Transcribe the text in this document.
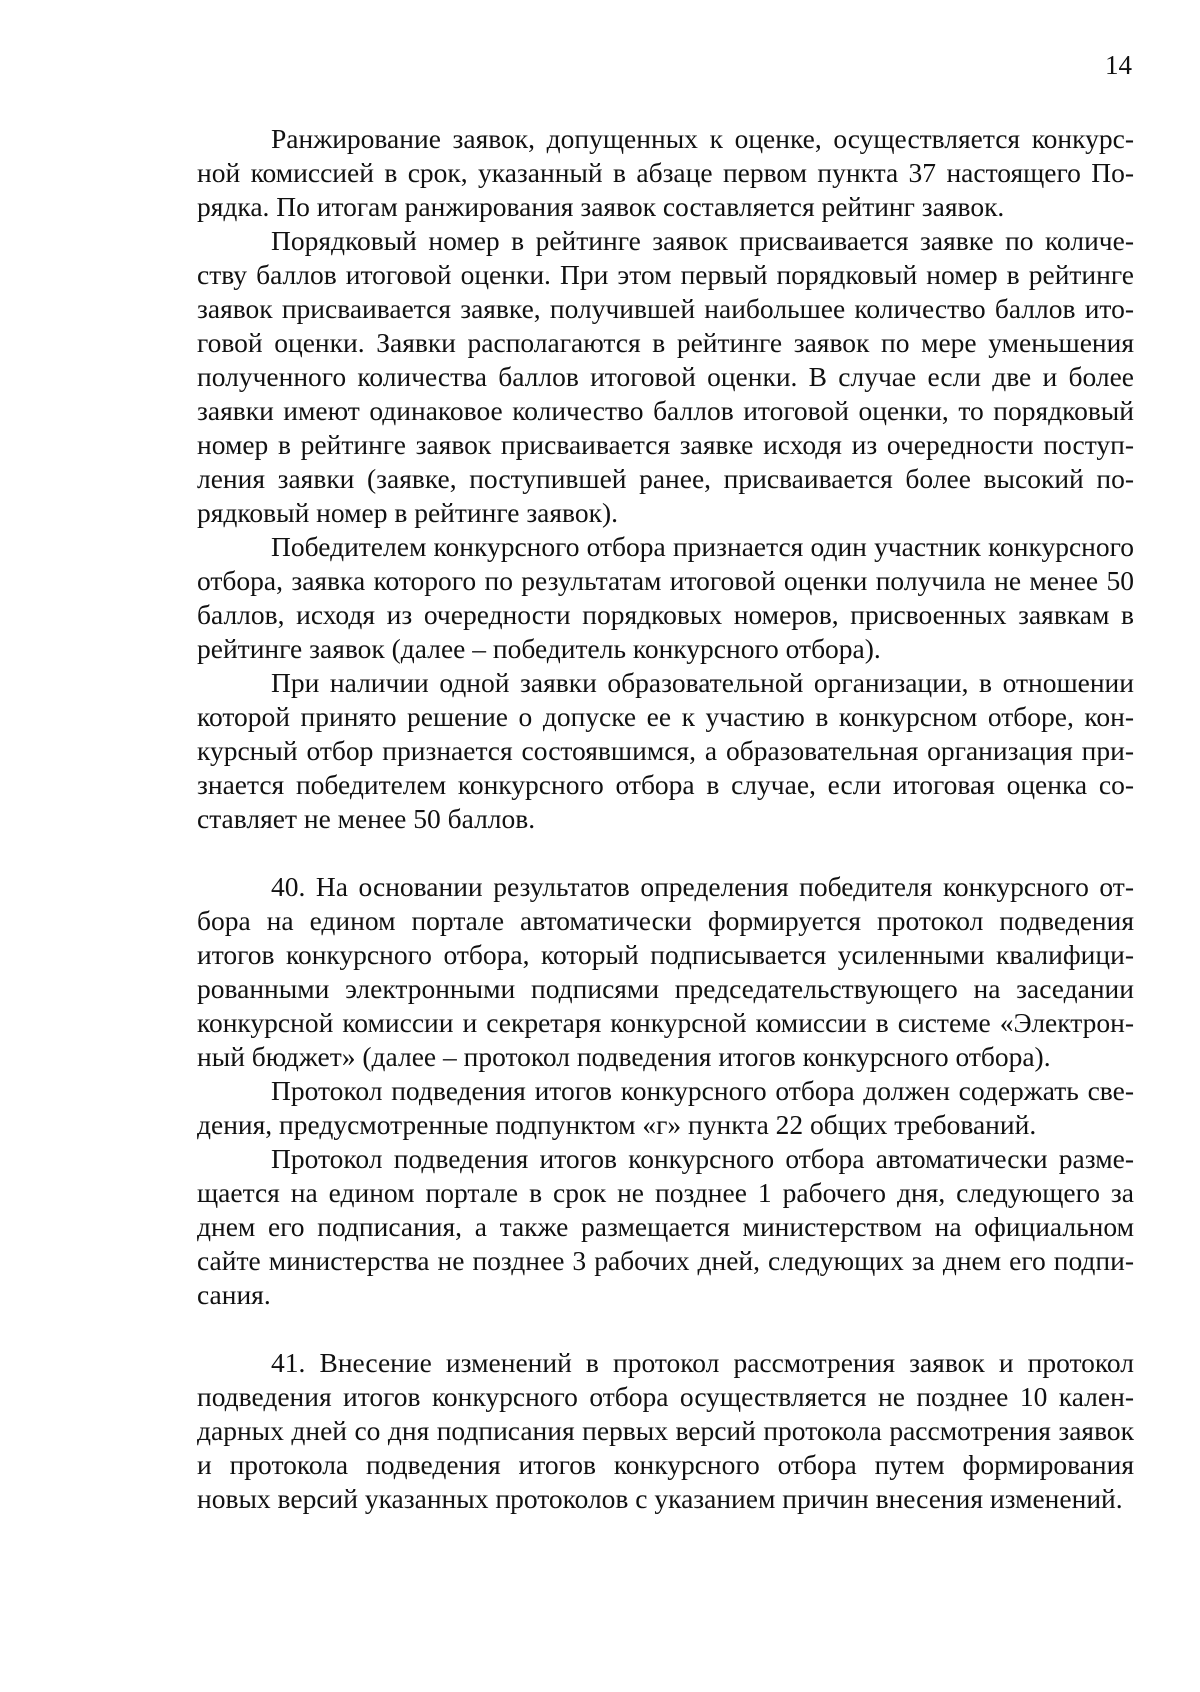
14

Ранжирование заявок, допущенных к оценке, осуществляется конкурсной комиссией в срок, указанный в абзаце первом пункта 37 настоящего Порядка. По итогам ранжирования заявок составляется рейтинг заявок.

Порядковый номер в рейтинге заявок присваивается заявке по количеству баллов итоговой оценки. При этом первый порядковый номер в рейтинге заявок присваивается заявке, получившей наибольшее количество баллов итоговой оценки. Заявки располагаются в рейтинге заявок по мере уменьшения полученного количества баллов итоговой оценки. В случае если две и более заявки имеют одинаковое количество баллов итоговой оценки, то порядковый номер в рейтинге заявок присваивается заявке исходя из очередности поступления заявки (заявке, поступившей ранее, присваивается более высокий порядковый номер в рейтинге заявок).

Победителем конкурсного отбора признается один участник конкурсного отбора, заявка которого по результатам итоговой оценки получила не менее 50 баллов, исходя из очередности порядковых номеров, присвоенных заявкам в рейтинге заявок (далее – победитель конкурсного отбора).

При наличии одной заявки образовательной организации, в отношении которой принято решение о допуске ее к участию в конкурсном отборе, конкурсный отбор признается состоявшимся, а образовательная организация признается победителем конкурсного отбора в случае, если итоговая оценка составляет не менее 50 баллов.

40. На основании результатов определения победителя конкурсного отбора на едином портале автоматически формируется протокол подведения итогов конкурсного отбора, который подписывается усиленными квалифицированными электронными подписями председательствующего на заседании конкурсной комиссии и секретаря конкурсной комиссии в системе «Электронный бюджет» (далее – протокол подведения итогов конкурсного отбора).

Протокол подведения итогов конкурсного отбора должен содержать сведения, предусмотренные подпунктом «г» пункта 22 общих требований.

Протокол подведения итогов конкурсного отбора автоматически размещается на едином портале в срок не позднее 1 рабочего дня, следующего за днем его подписания, а также размещается министерством на официальном сайте министерства не позднее 3 рабочих дней, следующих за днем его подписания.

41. Внесение изменений в протокол рассмотрения заявок и протокол подведения итогов конкурсного отбора осуществляется не позднее 10 календарных дней со дня подписания первых версий протокола рассмотрения заявок и протокола подведения итогов конкурсного отбора путем формирования новых версий указанных протоколов с указанием причин внесения изменений.
